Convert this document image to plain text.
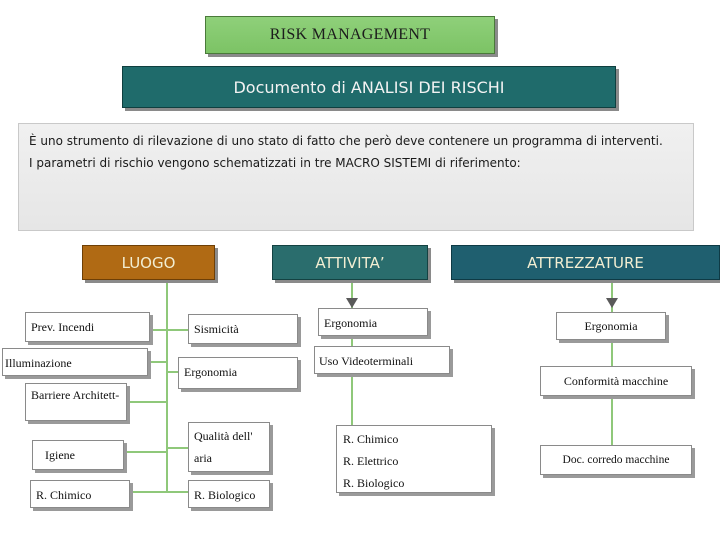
RISK MANAGEMENT
Documento di ANALISI DEI RISCHI

È uno strumento di rilevazione di uno stato di fatto che però deve contenere un programma di interventi.

I parametri di rischio vengono schematizzati in tre MACRO SISTEMI di riferimento:

LUOGO	ATTIVITA’	ATTREZZATURE
Prev. Incendi
Illuminazione
Barriere Architett-
Igiene
R. Chimico
Sismicità
Ergonomia
Qualità dell' aria
R. Biologico
Ergonomia
Uso Videoterminali
R. Chimico
R. Elettrico
R. Biologico
Ergonomia
Conformità macchine
Doc. corredo macchine
